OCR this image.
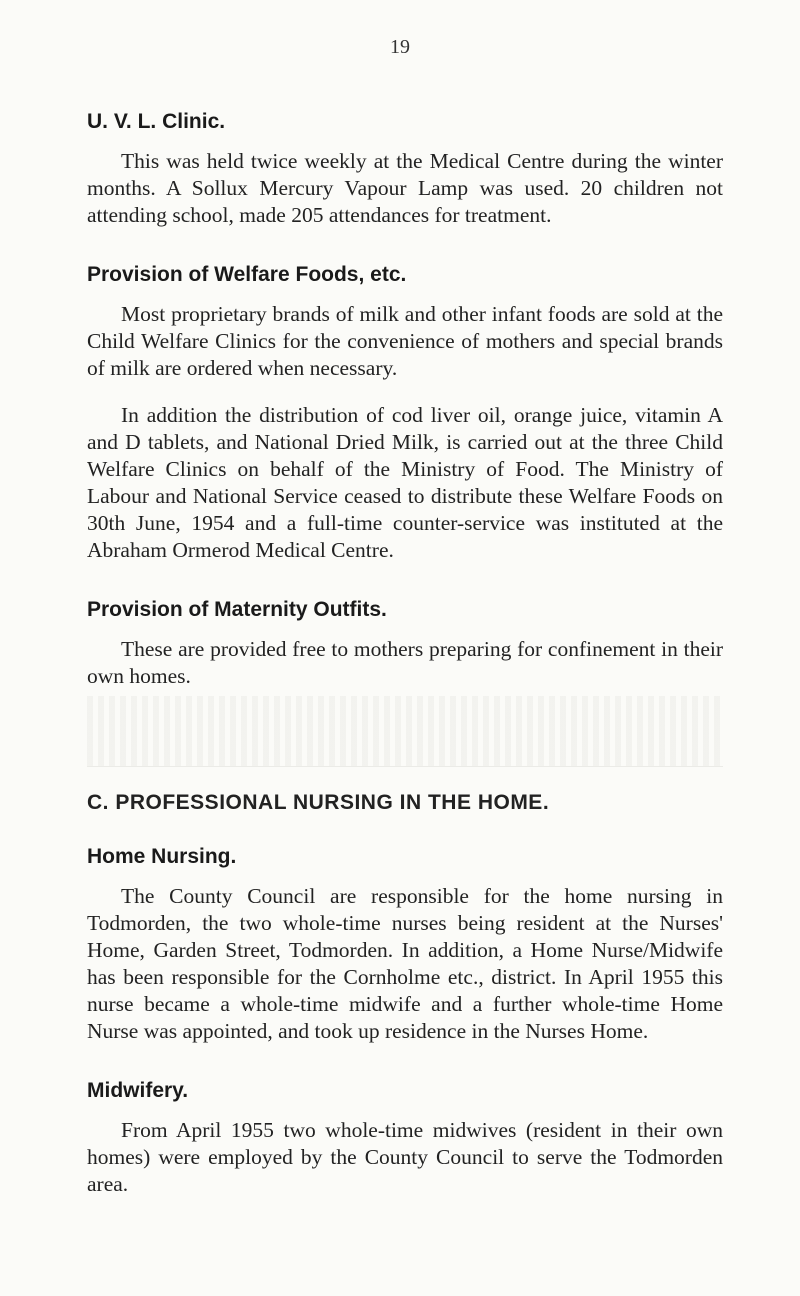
19
U. V. L. Clinic.

This was held twice weekly at the Medical Centre during the winter months. A Sollux Mercury Vapour Lamp was used. 20 children not attending school, made 205 attendances for treatment.

Provision of Welfare Foods, etc.

Most proprietary brands of milk and other infant foods are sold at the Child Welfare Clinics for the convenience of mothers and special brands of milk are ordered when necessary.

In addition the distribution of cod liver oil, orange juice, vitamin A and D tablets, and National Dried Milk, is carried out at the three Child Welfare Clinics on behalf of the Ministry of Food. The Ministry of Labour and National Service ceased to distribute these Welfare Foods on 30th June, 1954 and a full-time counter-service was instituted at the Abraham Ormerod Medical Centre.

Provision of Maternity Outfits.

These are provided free to mothers preparing for confinement in their own homes.

C. PROFESSIONAL NURSING IN THE HOME.
Home Nursing.

The County Council are responsible for the home nursing in Todmorden, the two whole-time nurses being resident at the Nurses' Home, Garden Street, Todmorden. In addition, a Home Nurse/Midwife has been responsible for the Cornholme etc., district. In April 1955 this nurse became a whole-time midwife and a further whole-time Home Nurse was appointed, and took up residence in the Nurses Home.

Midwifery.

From April 1955 two whole-time midwives (resident in their own homes) were employed by the County Council to serve the Todmorden area.
